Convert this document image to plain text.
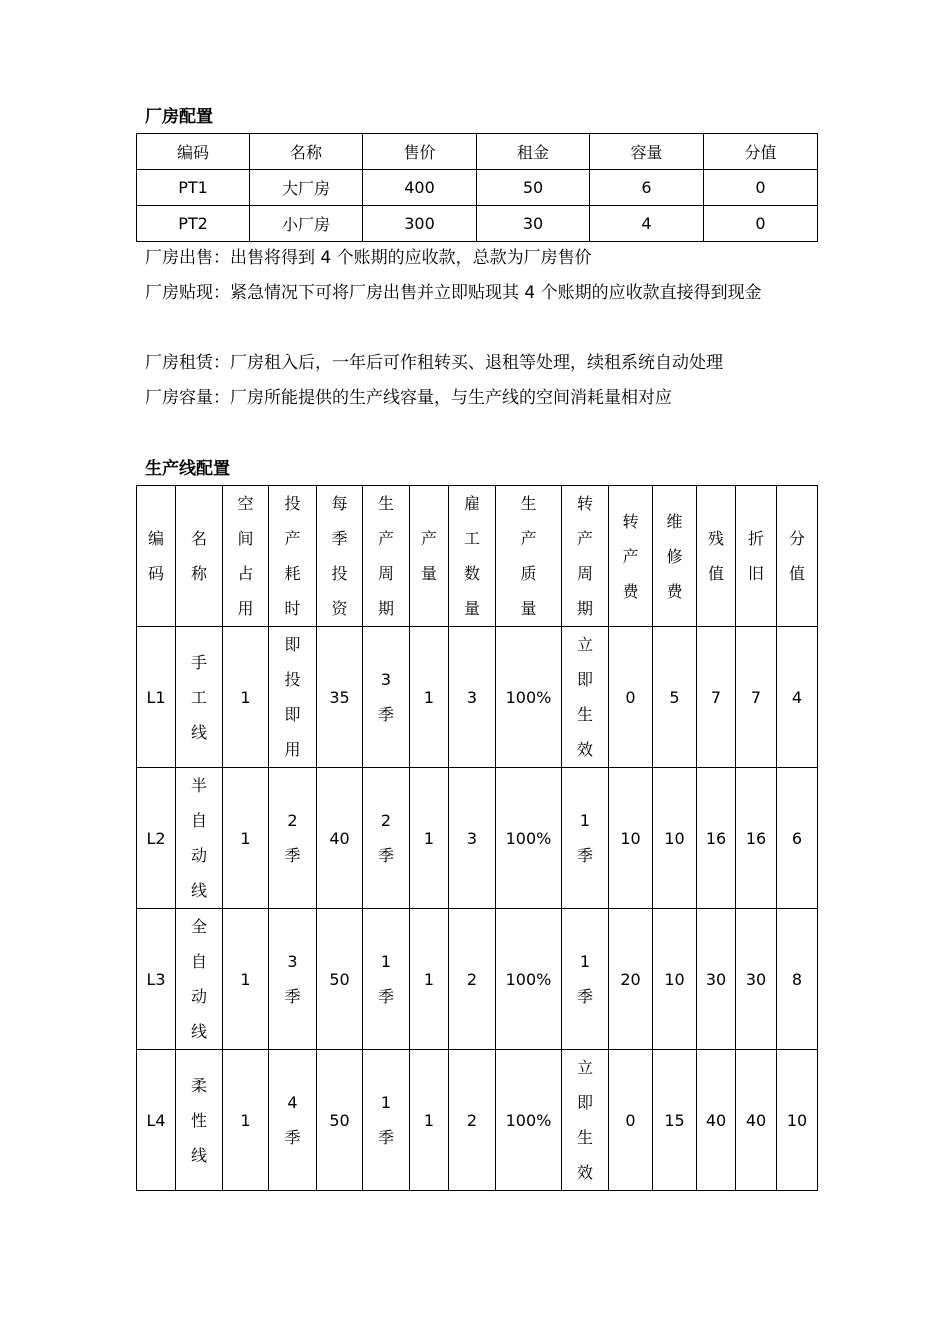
厂房配置
编码	名称	售价	租金	容量	分值
PT1	大厂房	400	50	6	0
PT2	小厂房	300	30	4	0
厂房出售：出售将得到 4 个账期的应收款，总款为厂房售价
厂房贴现：紧急情况下可将厂房出售并立即贴现其 4 个账期的应收款直接得到现金
厂房租赁：厂房租入后，一年后可作租转买、退租等处理，续租系统自动处理
厂房容量：厂房所能提供的生产线容量，与生产线的空间消耗量相对应
生产线配置
编码	名称	空间占用	投产耗时	每季投资	生产周期	产量	雇工数量	生产质量	转产周期	转产费	维修费	残值	折旧	分值
L1	手工线	1	即投即用	35	3季	1	3	100%	立即生效	0	5	7	7	4
L2	半自动线	1	2季	40	2季	1	3	100%	1季	10	10	16	16	6
L3	全自动线	1	3季	50	1季	1	2	100%	1季	20	10	30	30	8
L4	柔性线	1	4季	50	1季	1	2	100%	立即生效	0	15	40	40	10
